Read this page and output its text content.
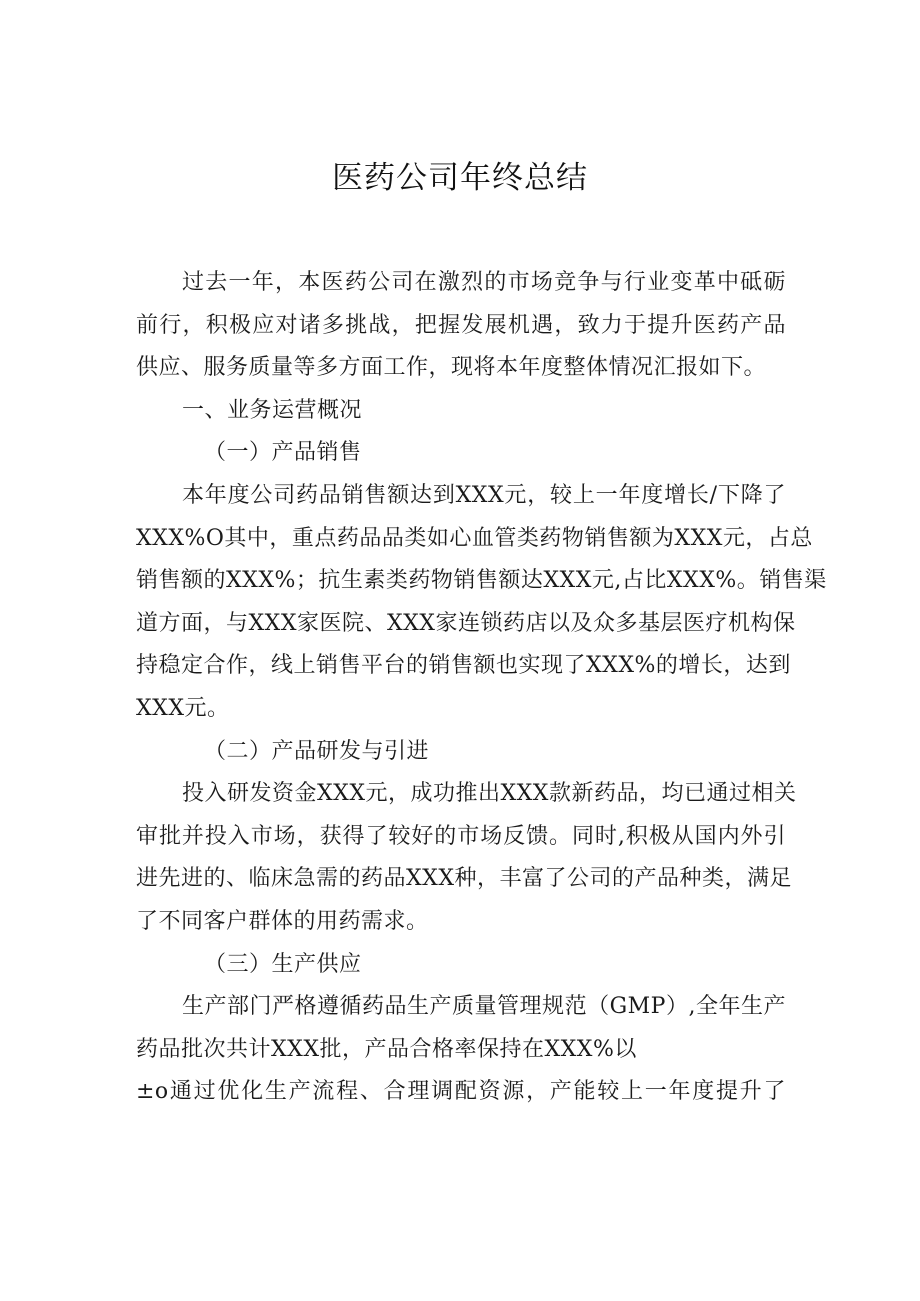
医药公司年终总结
过去一年，本医药公司在激烈的市场竞争与行业变革中砥砺
前行，积极应对诸多挑战，把握发展机遇，致力于提升医药产品
供应、服务质量等多方面工作，现将本年度整体情况汇报如下。
一、业务运营概况
（一）产品销售
本年度公司药品销售额达到XXX元，较上一年度增长/下降了
XXX%O其中，重点药品品类如心血管类药物销售额为XXX元，占总
销售额的XXX%；抗生素类药物销售额达XXX元,占比XXX%。销售渠
道方面，与XXX家医院、XXX家连锁药店以及众多基层医疗机构保
持稳定合作，线上销售平台的销售额也实现了XXX%的增长，达到
XXX元。
（二）产品研发与引进
投入研发资金XXX元，成功推出XXX款新药品，均已通过相关
审批并投入市场，获得了较好的市场反馈。同时,积极从国内外引
进先进的、临床急需的药品XXX种，丰富了公司的产品种类，满足
了不同客户群体的用药需求。
（三）生产供应
生产部门严格遵循药品生产质量管理规范（GMP）,全年生产
药品批次共计XXX批，产品合格率保持在XXX%以
±o通过优化生产流程、合理调配资源，产能较上一年度提升了
